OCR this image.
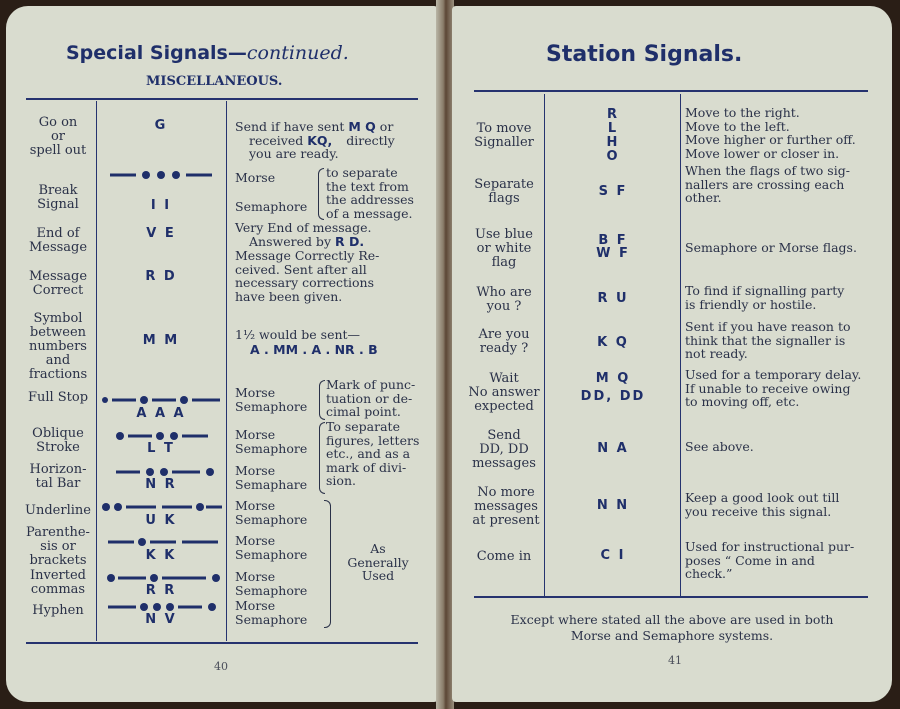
Special Signals—continued.
MISCELLANEOUS.
Go on
or
spell out
Break
Signal
End of
Message
Message
Correct
Symbol
between
numbers
and
fractions
Full Stop
Oblique
Stroke
Horizon-
tal Bar
Underline
Parenthe-
sis or
brackets
Inverted
commas
Hyphen
G
I I
V E
R D
M M
A A A
L T
N R
U K
K K
R R
N V
Send if have sent M Q or
received KQ, directly
you are ready.
Morse
Semaphore
to separate
the text from
the addresses
of a message.
Very End of message.
Answered by R D.
Message Correctly Re-
ceived. Sent after all
necessary corrections
have been given.
1½ would be sent—
A . MM . A . NR . B
Morse
Semaphore
Mark of punc-
tuation or de-
cimal point.
Morse
Semaphore
Morse
Semaphare
To separate
figures, letters
etc., and as a
mark of divi-
sion.
Morse
Semaphore
Morse
Semaphore
Morse
Semaphore
Morse
Semaphore
As
Generally
Used
40
Station Signals.
To move
Signaller
Separate
flags
Use blue
or white
flag
Who are
you ?
Are you
ready ?
Wait
No answer
expected
Send
DD, DD
messages
No more
messages
at present
Come in
R
L
H
O
S F
B F
W F
R U
K Q
M Q
DD, DD
N A
N N
C I
Move to the right.
Move to the left.
Move higher or further off.
Move lower or closer in.
When the flags of two sig-
nallers are crossing each
other.
Semaphore or Morse flags.
To find if signalling party
is friendly or hostile.
Sent if you have reason to
think that the signaller is
not ready.
Used for a temporary delay.
If unable to receive owing
to moving off, etc.
See above.
Keep a good look out till
you receive this signal.
Used for instructional pur-
poses “ Come in and
check.”
Except where stated all the above are used in both
Morse and Semaphore systems.
41
